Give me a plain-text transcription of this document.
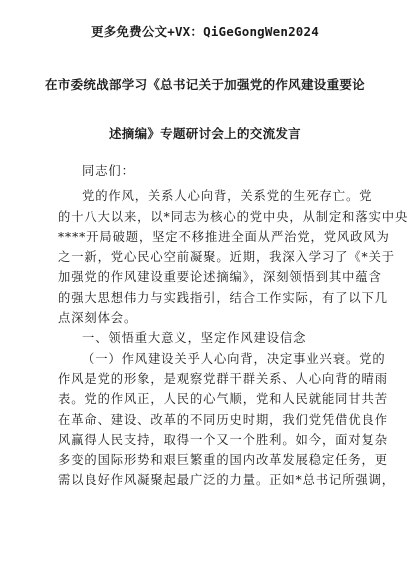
更多免费公文+VX：QiGeGongWen2024
在市委统战部学习《总书记关于加强党的作风建设重要论
述摘编》专题研讨会上的交流发言
同志们：
党的作风，关系人心向背，关系党的生死存亡。党
的十八大以来，以*同志为核心的党中央，从制定和落实中央
****开局破题，坚定不移推进全面从严治党，党风政风为
之一新，党心民心空前凝聚。近期，我深入学习了《*关于
加强党的作风建设重要论述摘编》，深刻领悟到其中蕴含
的强大思想伟力与实践指引，结合工作实际，有了以下几
点深刻体会。
一、领悟重大意义，坚定作风建设信念
（一）作风建设关乎人心向背，决定事业兴衰。党的
作风是党的形象，是观察党群干群关系、人心向背的晴雨
表。党的作风正，人民的心气顺，党和人民就能同甘共苦
在革命、建设、改革的不同历史时期，我们党凭借优良作
风赢得人民支持，取得一个又一个胜利。如今，面对复杂
多变的国际形势和艰巨繁重的国内改革发展稳定任务，更
需以良好作风凝聚起最广泛的力量。正如*总书记所强调，
